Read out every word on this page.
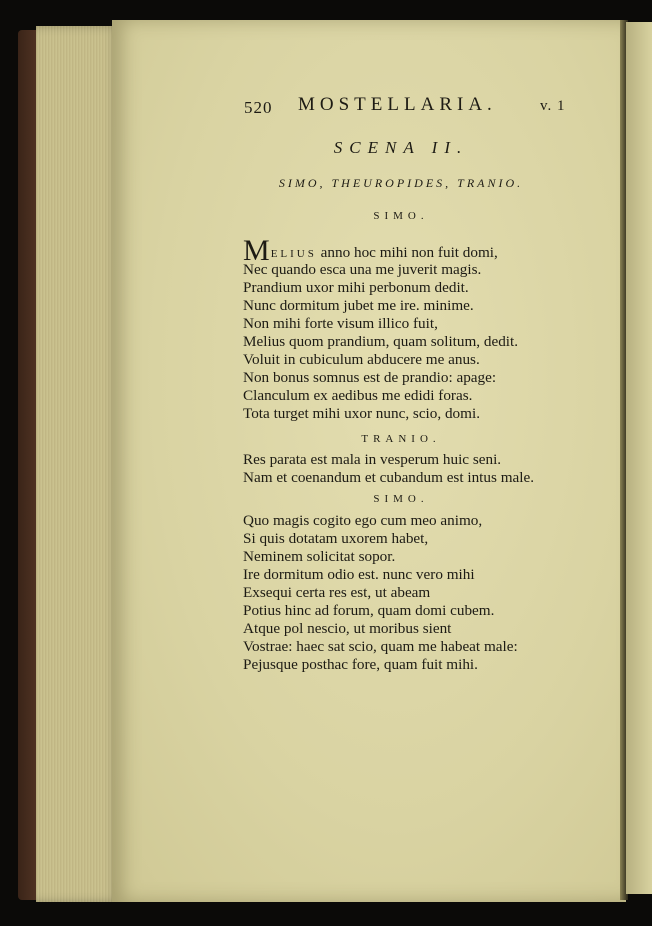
520 MOSTELLARIA.	v. 1
SCENA II.
SIMO, THEUROPIDES, TRANIO.
SIMO.
MELIUS anno hoc mihi non fuit domi,
Nec quando esca una me juverit magis.
Prandium uxor mihi perbonum dedit.
Nunc dormitum jubet me ire. minime.
Non mihi forte visum illico fuit,
Melius quom prandium, quam solitum, dedit.
Voluit in cubiculum abducere me anus.
Non bonus somnus est de prandio: apage:
Clanculum ex aedibus me edidi foras.
Tota turget mihi uxor nunc, scio, domi.
TRANIO.
Res parata est mala in vesperum huic seni.
Nam et coenandum et cubandum est intus male.
SIMO.
Quo magis cogito ego cum meo animo,
Si quis dotatam uxorem habet,
Neminem solicitat sopor.
Ire dormitum odio est. nunc vero mihi
Exsequi certa res est, ut abeam
Potius hinc ad forum, quam domi cubem.
Atque pol nescio, ut moribus sient
Vostrae: haec sat scio, quam me habeat male:
Pejusque posthac fore, quam fuit mihi.
